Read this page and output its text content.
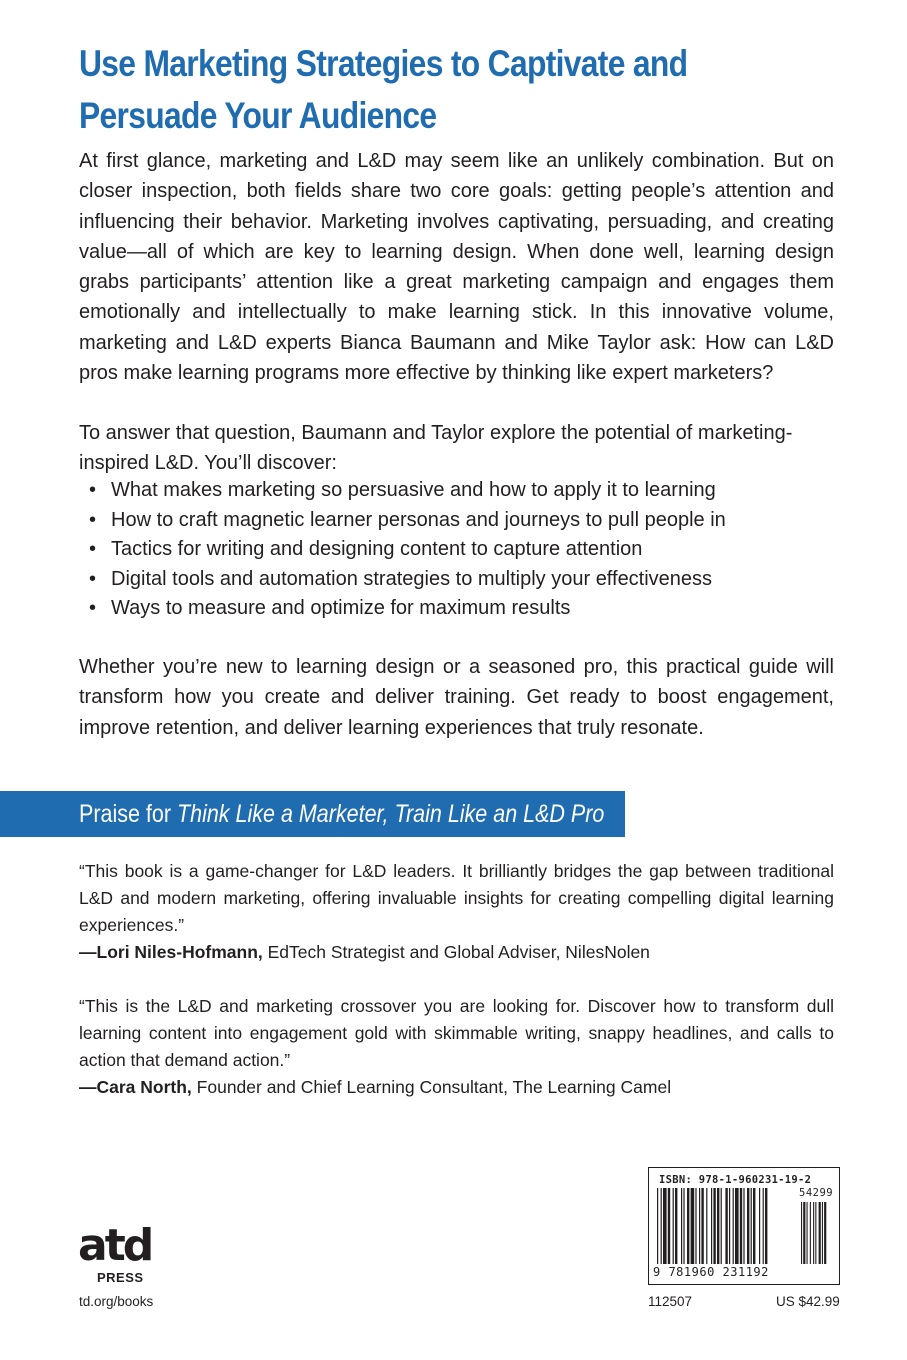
Use Marketing Strategies to Captivate and
Persuade Your Audience

At first glance, marketing and L&D may seem like an unlikely combination. But on closer inspection, both fields share two core goals: getting people’s attention and influencing their behavior. Marketing involves captivating, persuading, and creating value—all of which are key to learning design. When done well, learning design grabs participants’ attention like a great marketing campaign and engages them emotionally and intellectually to make learning stick. In this innovative volume, marketing and L&D experts Bianca Baumann and Mike Taylor ask: How can L&D pros make learning programs more effective by thinking like expert marketers?

To answer that question, Baumann and Taylor explore the potential of marketing-inspired L&D. You’ll discover:

• What makes marketing so persuasive and how to apply it to learning
• How to craft magnetic learner personas and journeys to pull people in
• Tactics for writing and designing content to capture attention
• Digital tools and automation strategies to multiply your effectiveness
• Ways to measure and optimize for maximum results

Whether you’re new to learning design or a seasoned pro, this practical guide will transform how you create and deliver training. Get ready to boost engagement, improve retention, and deliver learning experiences that truly resonate.

Praise for Think Like a Marketer, Train Like an L&D Pro

“This book is a game-changer for L&D leaders. It brilliantly bridges the gap between traditional L&D and modern marketing, offering invaluable insights for creating compelling digital learning experiences.”

—Lori Niles-Hofmann, EdTech Strategist and Global Adviser, NilesNolen

“This is the L&D and marketing crossover you are looking for. Discover how to transform dull learning content into engagement gold with skimmable writing, snappy headlines, and calls to action that demand action.”

—Cara North, Founder and Chief Learning Consultant, The Learning Camel

atd
PRESS
td.org/books
ISBN: 978-1-960231-19-2
54299
9 781960 231192
112507	US $42.99
